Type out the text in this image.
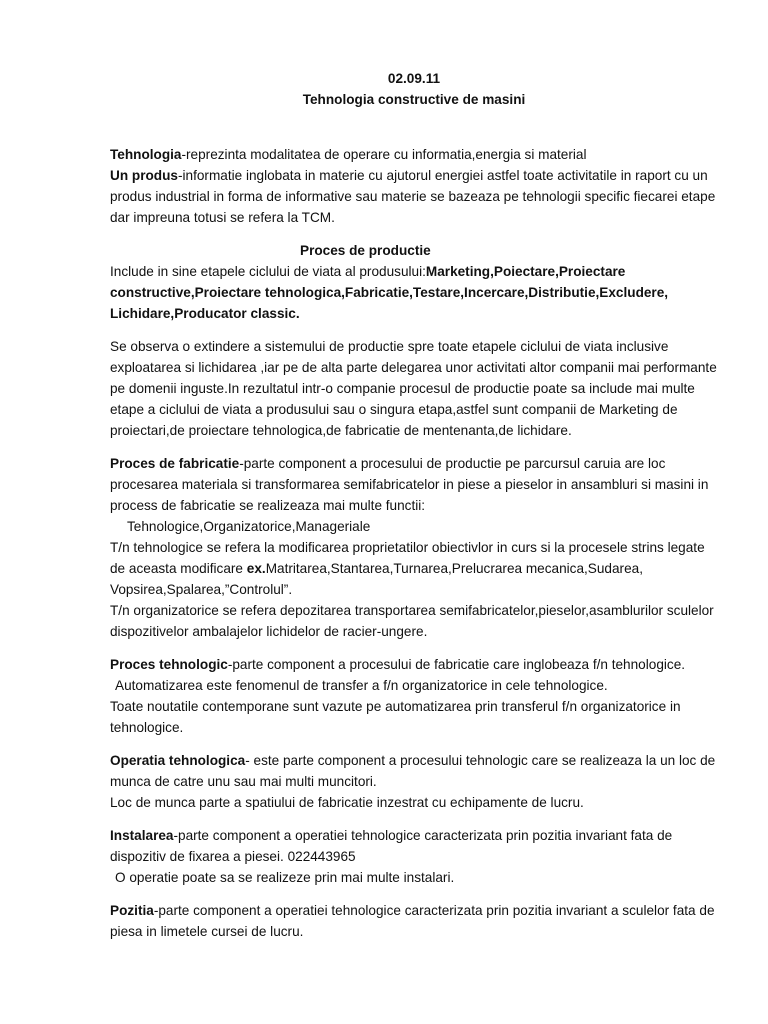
02.09.11

Tehnologia constructive de masini

Tehnologia-reprezinta modalitatea de operare cu informatia,energia si material

Un produs-informatie inglobata in materie cu ajutorul energiei astfel toate activitatile in raport cu un produs industrial in forma de informative sau materie se bazeaza pe tehnologii specific fiecarei etape dar impreuna totusi se refera la TCM.

Proces de productie

Include in sine etapele ciclului de viata al produsului:Marketing,Poiectare,Proiectare constructive,Proiectare tehnologica,Fabricatie,Testare,Incercare,Distributie,Excludere, Lichidare,Producator classic.

Se observa o extindere a sistemului de productie spre toate etapele ciclului de viata inclusive exploatarea si lichidarea ,iar pe de alta parte delegarea unor activitati altor companii mai performante pe domenii inguste.In rezultatul intr-o companie procesul de productie poate sa include mai multe etape a ciclului de viata a produsului sau o singura etapa,astfel sunt companii de Marketing de proiectari,de proiectare tehnologica,de fabricatie de mentenanta,de lichidare.

Proces de fabricatie-parte component a procesului de productie pe parcursul caruia are loc procesarea materiala si transformarea semifabricatelor in piese a pieselor in ansambluri si masini in process de fabricatie se realizeaza mai multe functii:

Tehnologice,Organizatorice,Manageriale

T/n tehnologice se refera la modificarea proprietatilor obiectivlor in curs si la procesele strins legate de aceasta modificare ex.Matritarea,Stantarea,Turnarea,Prelucrarea mecanica,Sudarea, Vopsirea,Spalarea,”Controlul”.

T/n organizatorice se refera depozitarea transportarea semifabricatelor,pieselor,asamblurilor sculelor dispozitivelor ambalajelor lichidelor de racier-ungere.

Proces tehnologic-parte component a procesului de fabricatie care inglobeaza f/n tehnologice.

Automatizarea este fenomenul de transfer a f/n organizatorice in cele tehnologice.

Toate noutatile contemporane sunt vazute pe automatizarea prin transferul f/n organizatorice in tehnologice.

Operatia tehnologica- este parte component a procesului tehnologic care se realizeaza la un loc de munca de catre unu sau mai multi muncitori.

Loc de munca parte a spatiului de fabricatie inzestrat cu echipamente de lucru.

Instalarea-parte component a operatiei tehnologice caracterizata prin pozitia invariant fata de dispozitiv de fixarea a piesei. 022443965

O operatie poate sa se realizeze prin mai multe instalari.

Pozitia-parte component a operatiei tehnologice caracterizata prin pozitia invariant a sculelor fata de piesa in limetele cursei de lucru.
